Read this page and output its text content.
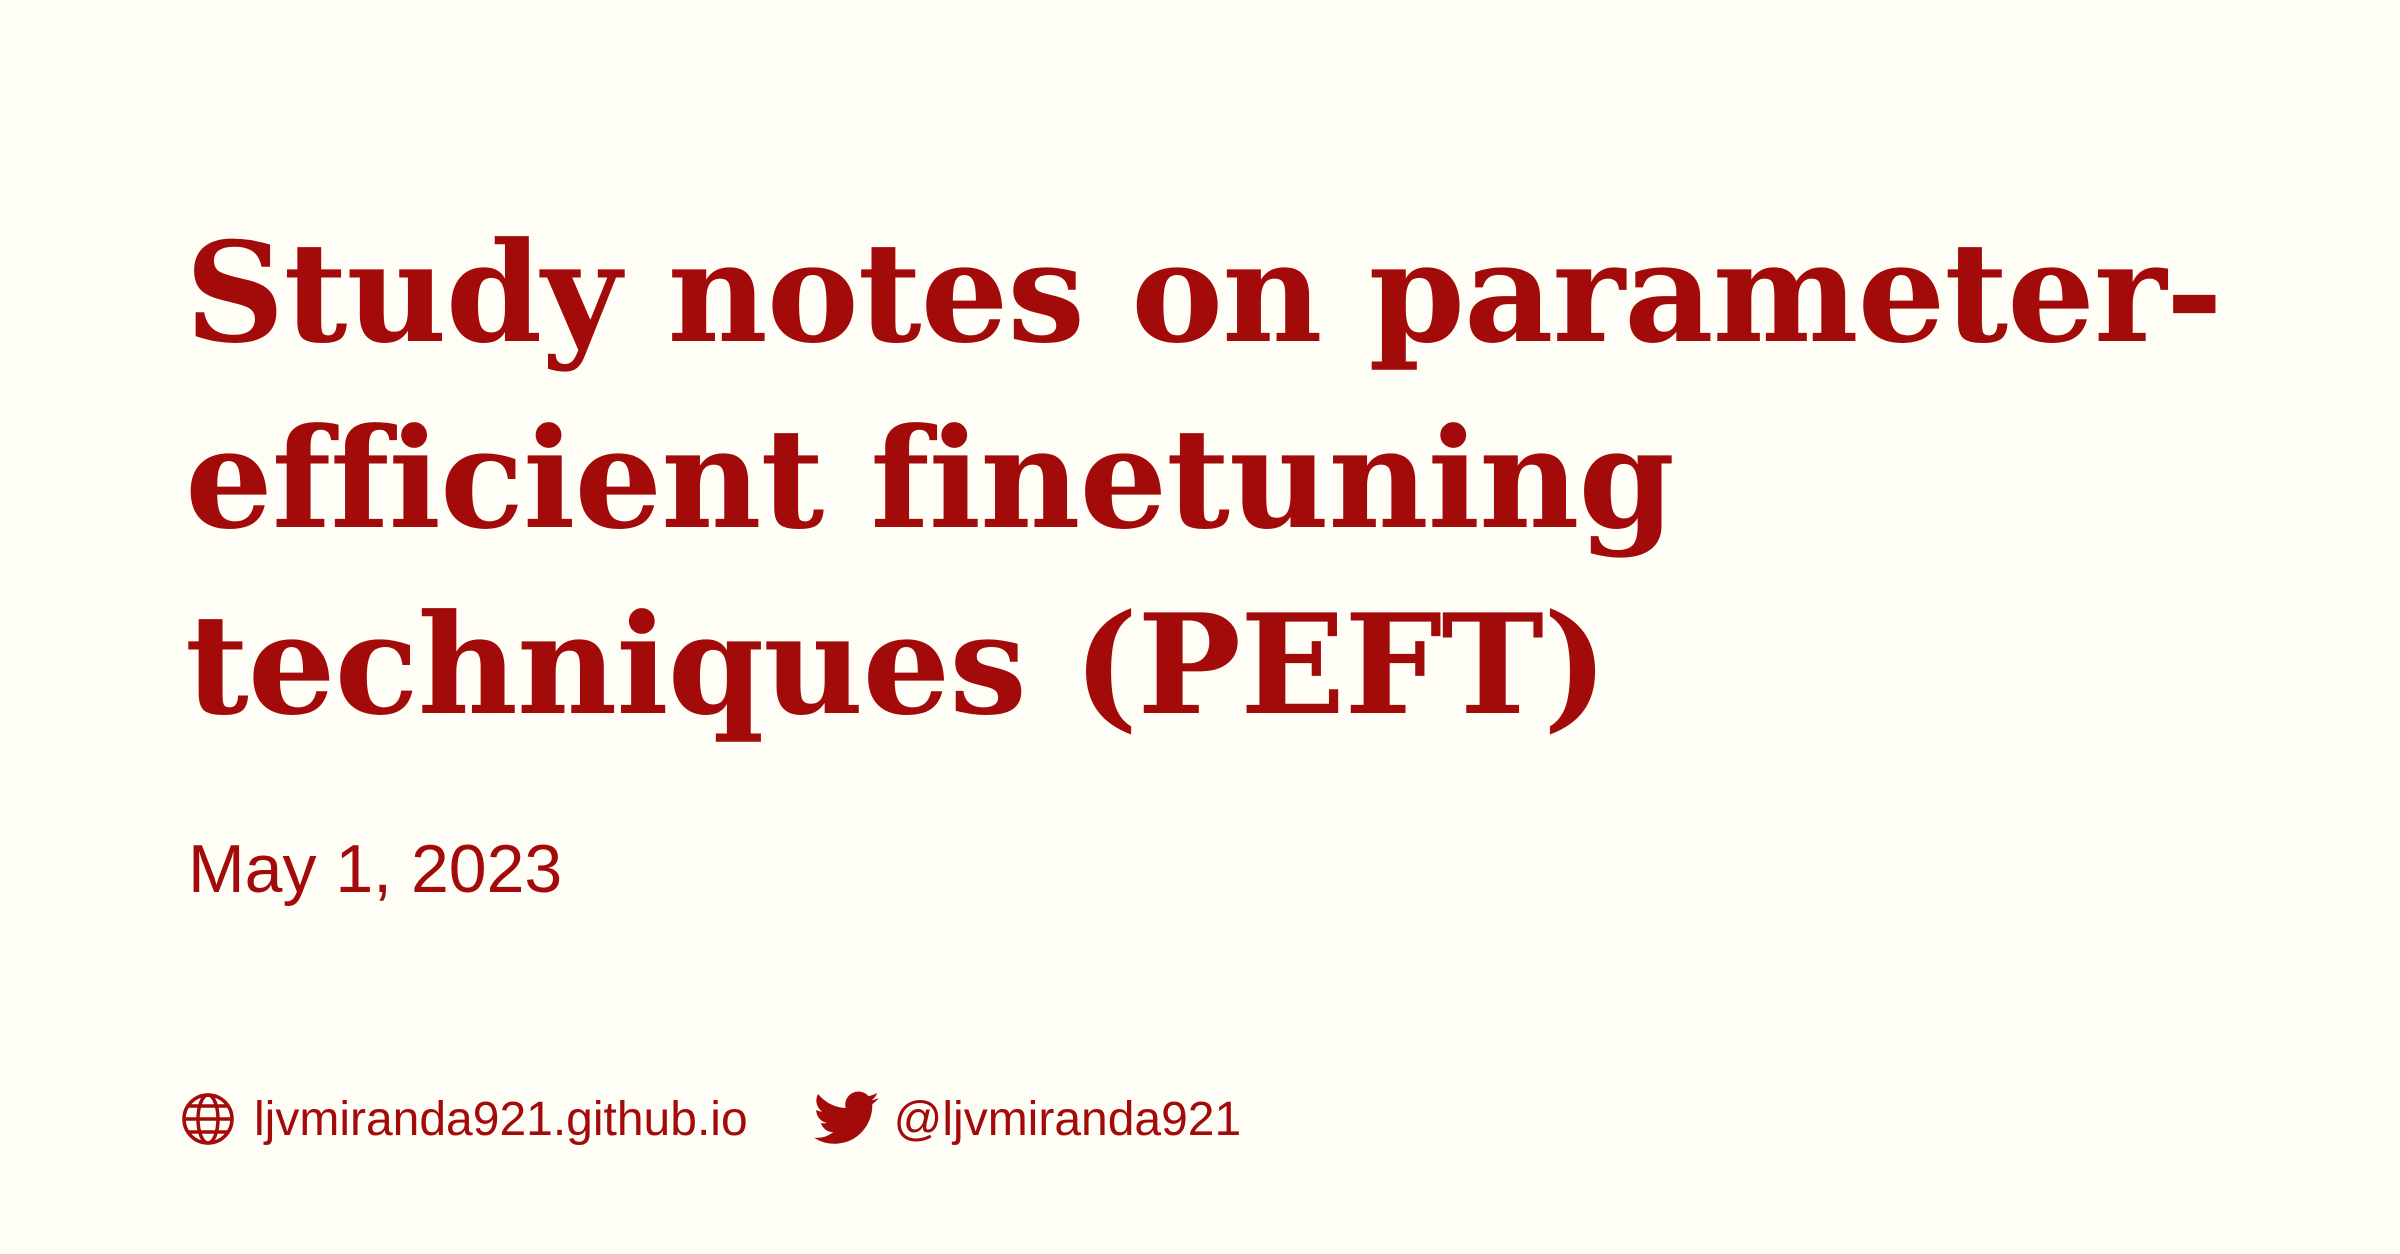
Study notes on parameter-efficient finetuning techniques (PEFT)
May 1, 2023
ljvmiranda921.github.io	@ljvmiranda921
